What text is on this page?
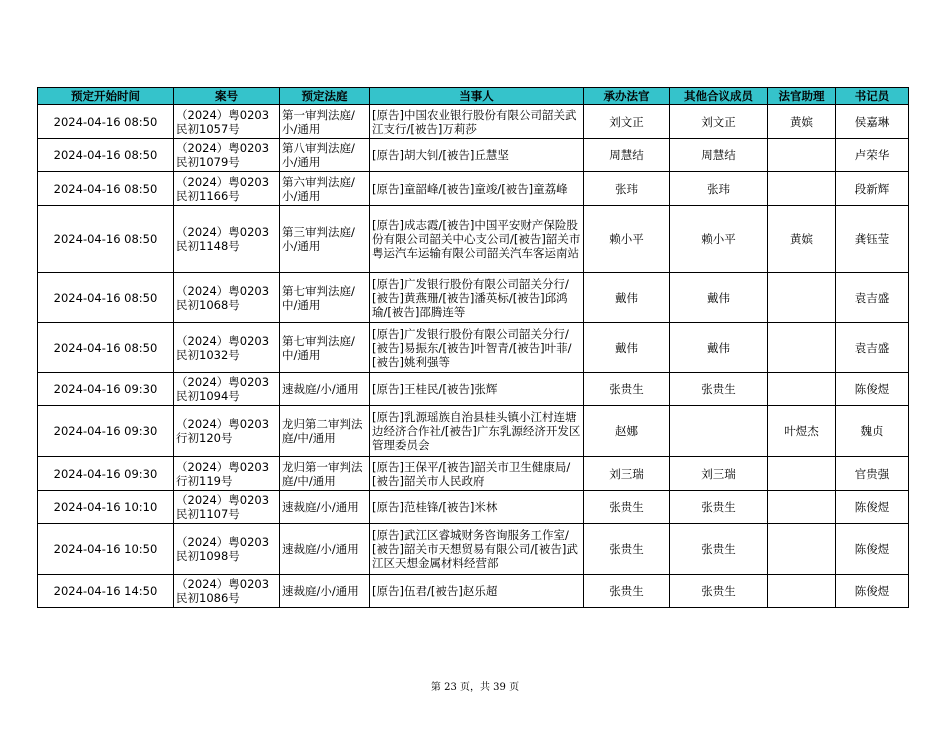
预定开始时间	案号	预定法庭	当事人	承办法官	其他合议成员	法官助理	书记员
2024-04-16 08:50	（2024）粤0203民初1057号	第一审判法庭/小/通用	[原告]中国农业银行股份有限公司韶关武江支行/[被告]万莉莎	刘文正	刘文正	黄嫔	侯嘉琳
2024-04-16 08:50	（2024）粤0203民初1079号	第八审判法庭/小/通用	[原告]胡大钊/[被告]丘慧坚	周慧结	周慧结		卢荣华
2024-04-16 08:50	（2024）粤0203民初1166号	第六审判法庭/小/通用	[原告]童韶峰/[被告]童竣/[被告]童荔峰	张玮	张玮		段新辉
2024-04-16 08:50	（2024）粤0203民初1148号	第三审判法庭/小/通用	[原告]成志霞/[被告]中国平安财产保险股份有限公司韶关中心支公司/[被告]韶关市粤运汽车运输有限公司韶关汽车客运南站	赖小平	赖小平	黄嫔	龚钰莹
2024-04-16 08:50	（2024）粤0203民初1068号	第七审判法庭/中/通用	[原告]广发银行股份有限公司韶关分行/[被告]黄燕珊/[被告]潘英标/[被告]邱鸿瑜/[被告]邵腾连等	戴伟	戴伟		袁吉盛
2024-04-16 08:50	（2024）粤0203民初1032号	第七审判法庭/中/通用	[原告]广发银行股份有限公司韶关分行/[被告]易振东/[被告]叶智青/[被告]叶菲/[被告]姚利强等	戴伟	戴伟		袁吉盛
2024-04-16 09:30	（2024）粤0203民初1094号	速裁庭/小/通用	[原告]王桂民/[被告]张辉	张贵生	张贵生		陈俊煜
2024-04-16 09:30	（2024）粤0203行初120号	龙归第二审判法庭/中/通用	[原告]乳源瑶族自治县桂头镇小江村连塘边经济合作社/[被告]广东乳源经济开发区管理委员会	赵娜		叶煜杰	魏贞
2024-04-16 09:30	（2024）粤0203行初119号	龙归第一审判法庭/中/通用	[原告]王保平/[被告]韶关市卫生健康局/[被告]韶关市人民政府	刘三瑞	刘三瑞		官贵强
2024-04-16 10:10	（2024）粤0203民初1107号	速裁庭/小/通用	[原告]范桂锋/[被告]米林	张贵生	张贵生		陈俊煜
2024-04-16 10:50	（2024）粤0203民初1098号	速裁庭/小/通用	[原告]武江区睿城财务咨询服务工作室/[被告]韶关市天想贸易有限公司/[被告]武江区天想金属材料经营部	张贵生	张贵生		陈俊煜
2024-04-16 14:50	（2024）粤0203民初1086号	速裁庭/小/通用	[原告]伍君/[被告]赵乐超	张贵生	张贵生		陈俊煜
第 23 页，共 39 页
